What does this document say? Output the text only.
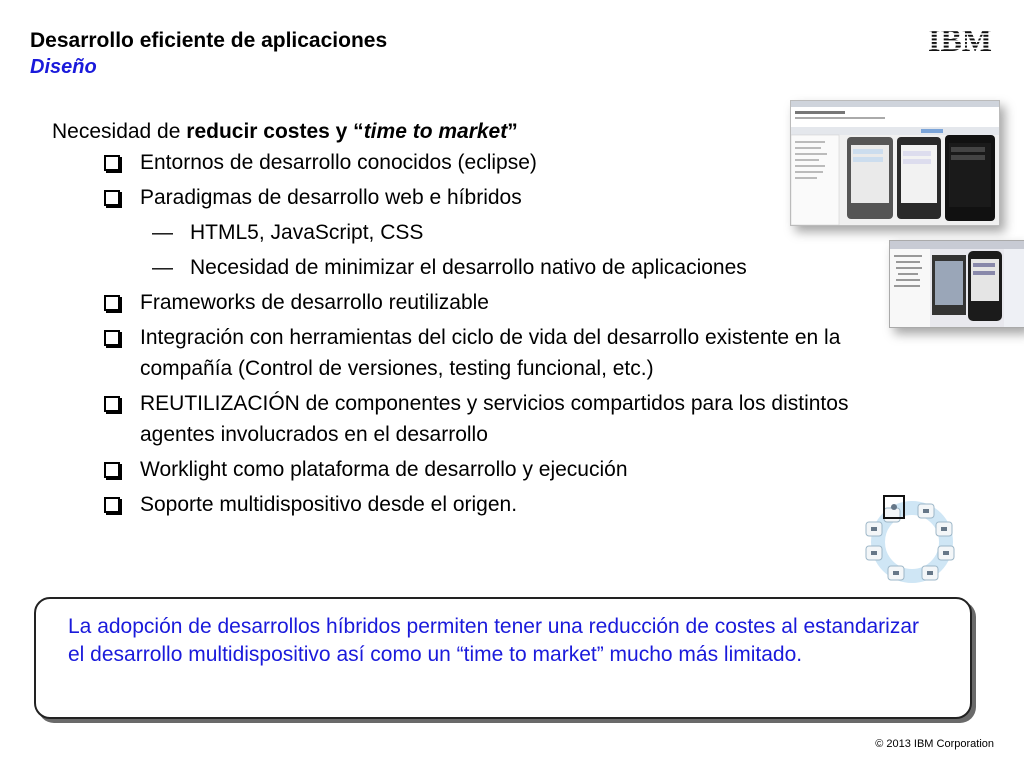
Desarrollo eficiente de aplicaciones
Diseño
IBM

Necesidad de reducir costes y “time to market”

Entornos de desarrollo conocidos (eclipse)

Paradigmas de desarrollo web e híbridos

— HTML5, JavaScript, CSS

— Necesidad de minimizar el desarrollo nativo de aplicaciones

Frameworks de desarrollo reutilizable

Integración con herramientas del ciclo de vida del desarrollo existente en la compañía (Control de versiones, testing funcional, etc.)

REUTILIZACIÓN de componentes y servicios compartidos para los distintos agentes involucrados en el desarrollo

Worklight como plataforma de desarrollo y ejecución

Soporte multidispositivo desde el origen.

La adopción de desarrollos híbridos permiten tener una reducción de costes al estandarizar el desarrollo multidispositivo así como un “time to market” mucho más limitado.
© 2013 IBM Corporation
